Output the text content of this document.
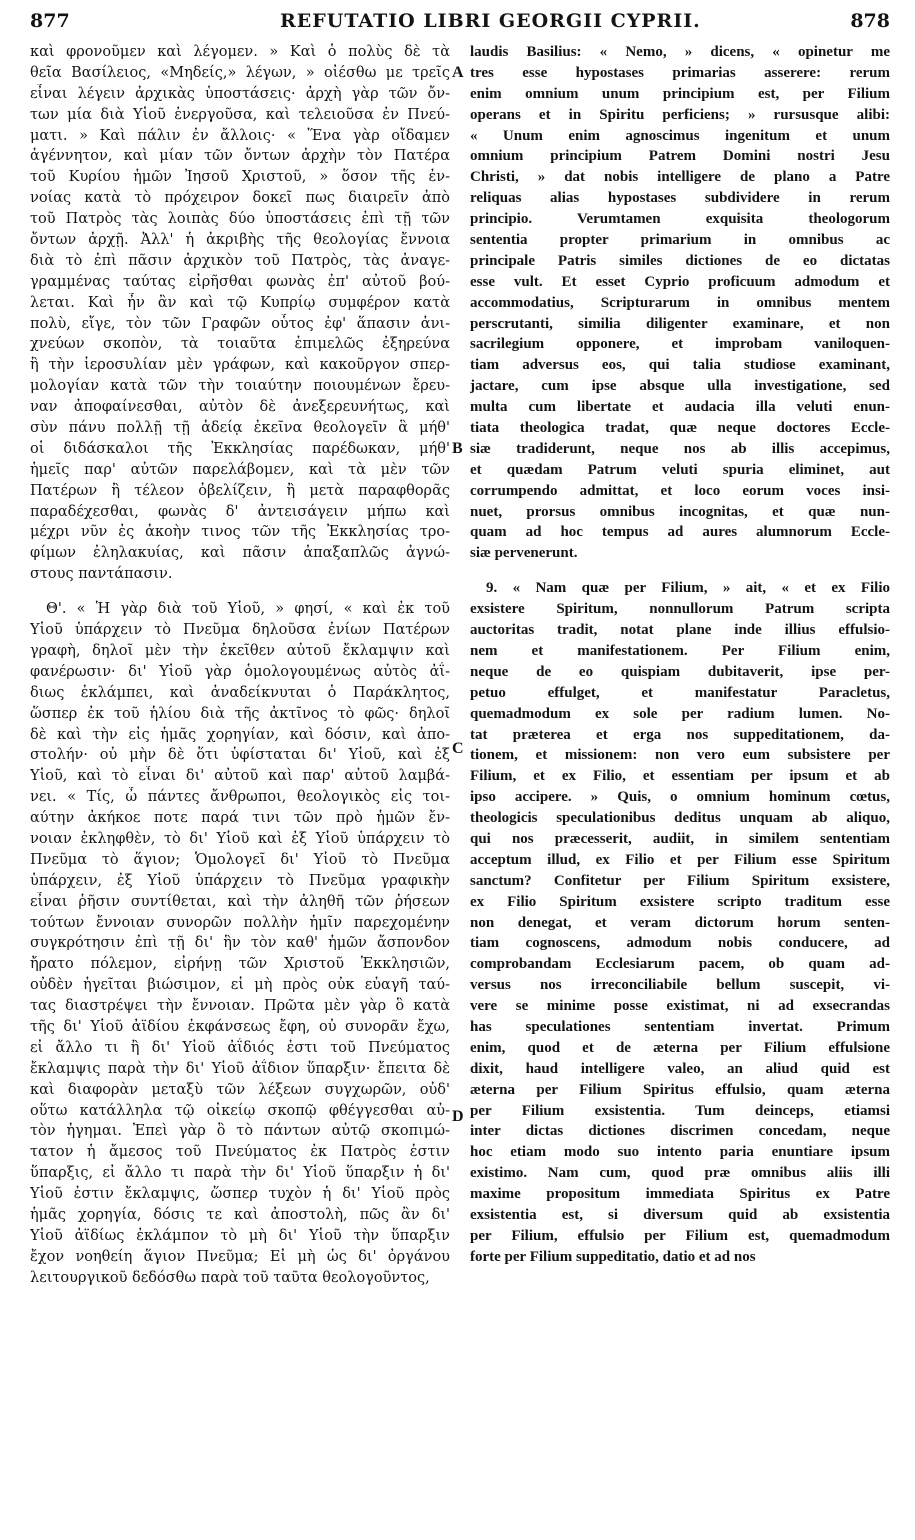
877	REFUTATIO LIBRI GEORGII CYPRII.	878
A
B
C
D
καὶ φρονοῦμεν καὶ λέγομεν. » Καὶ ὁ πολὺς δὲ τὰ
θεῖα Βασίλειος, «Μηδείς,» λέγων, » οἰέσθω με τρεῖς
εἶναι λέγειν ἀρχικὰς ὑποστάσεις· ἀρχὴ γὰρ τῶν ὄν-
των μία διὰ Υἱοῦ ἐνεργοῦσα, καὶ τελειοῦσα ἐν Πνεύ-
ματι. » Καὶ πάλιν ἐν ἄλλοις· « Ἕνα γὰρ οἴδαμεν
ἀγέννητον, καὶ μίαν τῶν ὄντων ἀρχὴν τὸν Πατέρα
τοῦ Κυρίου ἡμῶν Ἰησοῦ Χριστοῦ, » ὅσον τῆς ἐν-
νοίας κατὰ τὸ πρόχειρον δοκεῖ πως διαιρεῖν ἀπὸ
τοῦ Πατρὸς τὰς λοιπὰς δύο ὑποστάσεις ἐπὶ τῇ τῶν
ὄντων ἀρχῇ. Ἀλλ' ἡ ἀκριβὴς τῆς θεολογίας ἔννοια
διὰ τὸ ἐπὶ πᾶσιν ἀρχικὸν τοῦ Πατρὸς, τὰς ἀναγε-
γραμμένας ταύτας εἰρῆσθαι φωνὰς ἐπ' αὐτοῦ βού-
λεται. Καὶ ἦν ἂν καὶ τῷ Κυπρίῳ συμφέρον κατὰ
πολὺ, εἴγε, τὸν τῶν Γραφῶν οὗτος ἐφ' ἅπασιν ἀνι-
χνεύων σκοπὸν, τὰ τοιαῦτα ἐπιμελῶς ἐξηρεύνα
ἢ τὴν ἱεροσυλίαν μὲν γράφων, καὶ κακοῦργον σπερ-
μολογίαν κατὰ τῶν τὴν τοιαύτην ποιουμένων ἔρευ-
ναν ἀποφαίνεσθαι, αὐτὸν δὲ ἀνεξερευνήτως, καὶ
σὺν πάνυ πολλῇ τῇ ἀδείᾳ ἐκεῖνα θεολογεῖν ἃ μήθ'
οἱ διδάσκαλοι τῆς Ἐκκλησίας παρέδωκαν, μήθ'
ἡμεῖς παρ' αὐτῶν παρελάβομεν, καὶ τὰ μὲν τῶν
Πατέρων ἢ τέλεον ὀβελίζειν, ἢ μετὰ παραφθορᾶς
παραδέχεσθαι, φωνὰς δ' ἀντεισάγειν μήπω καὶ
μέχρι νῦν ἐς ἀκοὴν τινος τῶν τῆς Ἐκκλησίας τρο-
φίμων ἐληλακυίας, καὶ πᾶσιν ἀπαξαπλῶς ἀγνώ-
στους παντάπασιν.
Θ'. « Ἡ γὰρ διὰ τοῦ Υἱοῦ, » φησί, « καὶ ἐκ τοῦ
Υἱοῦ ὑπάρχειν τὸ Πνεῦμα δηλοῦσα ἐνίων Πατέρων
γραφὴ, δηλοῖ μὲν τὴν ἐκεῖθεν αὐτοῦ ἔκλαμψιν καὶ
φανέρωσιν· δι' Υἱοῦ γὰρ ὁμολογουμένως αὐτὸς ἀΐ-
διως ἐκλάμπει, καὶ ἀναδείκνυται ὁ Παράκλητος,
ὥσπερ ἐκ τοῦ ἡλίου διὰ τῆς ἀκτῖνος τὸ φῶς· δηλοῖ
δὲ καὶ τὴν εἰς ἡμᾶς χορηγίαν, καὶ δόσιν, καὶ ἀπο-
στολήν· οὐ μὴν δὲ ὅτι ὑφίσταται δι' Υἱοῦ, καὶ ἐξ
Υἱοῦ, καὶ τὸ εἶναι δι' αὐτοῦ καὶ παρ' αὐτοῦ λαμβά-
νει. « Τίς, ὦ πάντες ἄνθρωποι, θεολογικὸς εἰς τοι-
αύτην ἀκήκοε ποτε παρά τινι τῶν πρὸ ἡμῶν ἔν-
νοιαν ἐκληφθὲν, τὸ δι' Υἱοῦ καὶ ἐξ Υἱοῦ ὑπάρχειν τὸ
Πνεῦμα τὸ ἅγιον; Ὁμολογεῖ δι' Υἱοῦ τὸ Πνεῦμα
ὑπάρχειν, ἐξ Υἱοῦ ὑπάρχειν τὸ Πνεῦμα γραφικὴν
εἶναι ῥῆσιν συντίθεται, καὶ τὴν ἀληθῆ τῶν ῥήσεων
τούτων ἔννοιαν συνορῶν πολλὴν ἡμῖν παρεχομένην
συγκρότησιν ἐπὶ τῇ δι' ἣν τὸν καθ' ἡμῶν ἄσπονδον
ἤρατο πόλεμον, εἰρήνῃ τῶν Χριστοῦ Ἐκκλησιῶν,
οὐδὲν ἡγεῖται βιώσιμον, εἰ μὴ πρὸς οὐκ εὐαγῆ ταύ-
τας διαστρέψει τὴν ἔννοιαν. Πρῶτα μὲν γὰρ ὃ κατὰ
τῆς δι' Υἱοῦ ἀϊδίου ἐκφάνσεως ἔφη, οὐ συνορᾶν ἔχω,
εἰ ἄλλο τι ἢ δι' Υἱοῦ ἀΐδιός ἐστι τοῦ Πνεύματος
ἔκλαμψις παρὰ τὴν δι' Υἱοῦ ἀΐδιον ὕπαρξιν· ἔπειτα δὲ
καὶ διαφορὰν μεταξὺ τῶν λέξεων συγχωρῶν, οὐδ'
οὕτω κατάλληλα τῷ οἰκείῳ σκοπῷ φθέγγεσθαι αὐ-
τὸν ἡγημαι. Ἐπεὶ γὰρ ὃ τὸ πάντων αὐτῷ σκοπιμώ-
τατον ἡ ἄμεσος τοῦ Πνεύματος ἐκ Πατρὸς ἐστιν
ὕπαρξις, εἰ ἄλλο τι παρὰ τὴν δι' Υἱοῦ ὕπαρξιν ἡ δι'
Υἱοῦ ἐστιν ἔκλαμψις, ὥσπερ τυχὸν ἡ δι' Υἱοῦ πρὸς
ἡμᾶς χορηγία, δόσις τε καὶ ἀποστολὴ, πῶς ἂν δι'
Υἱοῦ ἀϊδίως ἐκλάμπον τὸ μὴ δι' Υἱοῦ τὴν ὕπαρξιν
ἔχον νοηθείη ἅγιον Πνεῦμα; Εἰ μὴ ὡς δι' ὀργάνου
λειτουργικοῦ δεδόσθω παρὰ τοῦ ταῦτα θεολογοῦντος,
laudis Basilius: « Nemo, » dicens, « opinetur me
tres esse hypostases primarias asserere: rerum
enim omnium unum principium est, per Filium
operans et in Spiritu perficiens; » rursusque alibi:
« Unum enim agnoscimus ingenitum et unum
omnium principium Patrem Domini nostri Jesu
Christi, » dat nobis intelligere de plano a Patre
reliquas alias hypostases subdividere in rerum
principio. Verumtamen exquisita theologorum
sententia propter primarium in omnibus ac
principale Patris similes dictiones de eo dictatas
esse vult. Et esset Cyprio proficuum admodum et
accommodatius, Scripturarum in omnibus mentem
perscrutanti, similia diligenter examinare, et non
sacrilegium opponere, et improbam vaniloquen-
tiam adversus eos, qui talia studiose examinant,
jactare, cum ipse absque ulla investigatione, sed
multa cum libertate et audacia illa veluti enun-
tiata theologica tradat, quæ neque doctores Eccle-
siæ tradiderunt, neque nos ab illis accepimus,
et quædam Patrum veluti spuria eliminet, aut
corrumpendo admittat, et loco eorum voces insi-
nuet, prorsus omnibus incognitas, et quæ nun-
quam ad hoc tempus ad aures alumnorum Eccle-
siæ pervenerunt.
9. « Nam quæ per Filium, » ait, « et ex Filio
exsistere Spiritum, nonnullorum Patrum scripta
auctoritas tradit, notat plane inde illius effulsio-
nem et manifestationem. Per Filium enim,
neque de eo quispiam dubitaverit, ipse per-
petuo effulget, et manifestatur Paracletus,
quemadmodum ex sole per radium lumen. No-
tat præterea et erga nos suppeditationem, da-
tionem, et missionem: non vero eum subsistere per
Filium, et ex Filio, et essentiam per ipsum et ab
ipso accipere. » Quis, o omnium hominum cœtus,
theologicis speculationibus deditus unquam ab aliquo,
qui nos præcesserit, audiit, in similem sententiam
acceptum illud, ex Filio et per Filium esse Spiritum
sanctum? Confitetur per Filium Spiritum exsistere,
ex Filio Spiritum exsistere scripto traditum esse
non denegat, et veram dictorum horum senten-
tiam cognoscens, admodum nobis conducere, ad
comprobandam Ecclesiarum pacem, ob quam ad-
versus nos irreconciliabile bellum suscepit, vi-
vere se minime posse existimat, ni ad exsecrandas
has speculationes sententiam invertat. Primum
enim, quod et de æterna per Filium effulsione
dixit, haud intelligere valeo, an aliud quid est
æterna per Filium Spiritus effulsio, quam æterna
per Filium exsistentia. Tum deinceps, etiamsi
inter dictas dictiones discrimen concedam, neque
hoc etiam modo suo intento paria enuntiare ipsum
existimo. Nam cum, quod præ omnibus aliis illi
maxime propositum immediata Spiritus ex Patre
exsistentia est, si diversum quid ab exsistentia
per Filium, effulsio per Filium est, quemadmodum
forte per Filium suppeditatio, datio et ad nos
